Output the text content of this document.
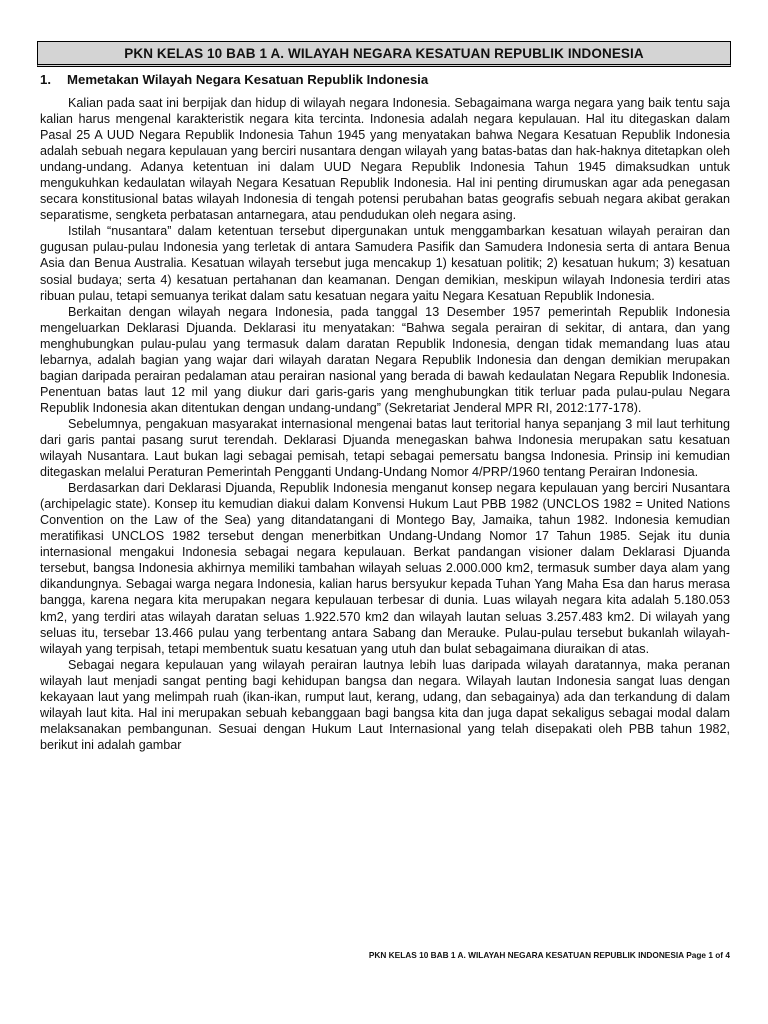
PKN KELAS 10 BAB 1 A. WILAYAH NEGARA KESATUAN REPUBLIK INDONESIA
1. Memetakan Wilayah Negara Kesatuan Republik Indonesia

Kalian pada saat ini berpijak dan hidup di wilayah negara Indonesia. Sebagaimana warga negara yang baik tentu saja kalian harus mengenal karakteristik negara kita tercinta. Indonesia adalah negara kepulauan. Hal itu ditegaskan dalam Pasal 25 A UUD Negara Republik Indonesia Tahun 1945 yang menyatakan bahwa Negara Kesatuan Republik Indonesia adalah sebuah negara kepulauan yang berciri nusantara dengan wilayah yang batas-batas dan hak-haknya ditetapkan oleh undang-undang. Adanya ketentuan ini dalam UUD Negara Republik Indonesia Tahun 1945 dimaksudkan untuk mengukuhkan kedaulatan wilayah Negara Kesatuan Republik Indonesia. Hal ini penting dirumuskan agar ada penegasan secara konstitusional batas wilayah Indonesia di tengah potensi perubahan batas geografis sebuah negara akibat gerakan separatisme, sengketa perbatasan antarnegara, atau pendudukan oleh negara asing.

Istilah “nusantara” dalam ketentuan tersebut dipergunakan untuk menggambarkan kesatuan wilayah perairan dan gugusan pulau-pulau Indonesia yang terletak di antara Samudera Pasifik dan Samudera Indonesia serta di antara Benua Asia dan Benua Australia. Kesatuan wilayah tersebut juga mencakup 1) kesatuan politik; 2) kesatuan hukum; 3) kesatuan sosial budaya; serta 4) kesatuan pertahanan dan keamanan. Dengan demikian, meskipun wilayah Indonesia terdiri atas ribuan pulau, tetapi semuanya terikat dalam satu kesatuan negara yaitu Negara Kesatuan Republik Indonesia.

Berkaitan dengan wilayah negara Indonesia, pada tanggal 13 Desember 1957 pemerintah Republik Indonesia mengeluarkan Deklarasi Djuanda. Deklarasi itu menyatakan: “Bahwa segala perairan di sekitar, di antara, dan yang menghubungkan pulau-pulau yang termasuk dalam daratan Republik Indonesia, dengan tidak memandang luas atau lebarnya, adalah bagian yang wajar dari wilayah daratan Negara Republik Indonesia dan dengan demikian merupakan bagian daripada perairan pedalaman atau perairan nasional yang berada di bawah kedaulatan Negara Republik Indonesia. Penentuan batas laut 12 mil yang diukur dari garis-garis yang menghubungkan titik terluar pada pulau-pulau Negara Republik Indonesia akan ditentukan dengan undang-undang” (Sekretariat Jenderal MPR RI, 2012:177-178).

Sebelumnya, pengakuan masyarakat internasional mengenai batas laut teritorial hanya sepanjang 3 mil laut terhitung dari garis pantai pasang surut terendah. Deklarasi Djuanda menegaskan bahwa Indonesia merupakan satu kesatuan wilayah Nusantara. Laut bukan lagi sebagai pemisah, tetapi sebagai pemersatu bangsa Indonesia. Prinsip ini kemudian ditegaskan melalui Peraturan Pemerintah Pengganti Undang-Undang Nomor 4/PRP/1960 tentang Perairan Indonesia.

Berdasarkan dari Deklarasi Djuanda, Republik Indonesia menganut konsep negara kepulauan yang berciri Nusantara (archipelagic state). Konsep itu kemudian diakui dalam Konvensi Hukum Laut PBB 1982 (UNCLOS 1982 = United Nations Convention on the Law of the Sea) yang ditandatangani di Montego Bay, Jamaika, tahun 1982. Indonesia kemudian meratifikasi UNCLOS 1982 tersebut dengan menerbitkan Undang-Undang Nomor 17 Tahun 1985. Sejak itu dunia internasional mengakui Indonesia sebagai negara kepulauan. Berkat pandangan visioner dalam Deklarasi Djuanda tersebut, bangsa Indonesia akhirnya memiliki tambahan wilayah seluas 2.000.000 km2, termasuk sumber daya alam yang dikandungnya. Sebagai warga negara Indonesia, kalian harus bersyukur kepada Tuhan Yang Maha Esa dan harus merasa bangga, karena negara kita merupakan negara kepulauan terbesar di dunia. Luas wilayah negara kita adalah 5.180.053 km2, yang terdiri atas wilayah daratan seluas 1.922.570 km2 dan wilayah lautan seluas 3.257.483 km2. Di wilayah yang seluas itu, tersebar 13.466 pulau yang terbentang antara Sabang dan Merauke. Pulau-pulau tersebut bukanlah wilayah-wilayah yang terpisah, tetapi membentuk suatu kesatuan yang utuh dan bulat sebagaimana diuraikan di atas.

Sebagai negara kepulauan yang wilayah perairan lautnya lebih luas daripada wilayah daratannya, maka peranan wilayah laut menjadi sangat penting bagi kehidupan bangsa dan negara. Wilayah lautan Indonesia sangat luas dengan kekayaan laut yang melimpah ruah (ikan-ikan, rumput laut, kerang, udang, dan sebagainya) ada dan terkandung di dalam wilayah laut kita. Hal ini merupakan sebuah kebanggaan bagi bangsa kita dan juga dapat sekaligus sebagai modal dalam melaksanakan pembangunan. Sesuai dengan Hukum Laut Internasional yang telah disepakati oleh PBB tahun 1982, berikut ini adalah gambar

PKN KELAS 10 BAB 1 A. WILAYAH NEGARA KESATUAN REPUBLIK INDONESIA Page 1 of 4
